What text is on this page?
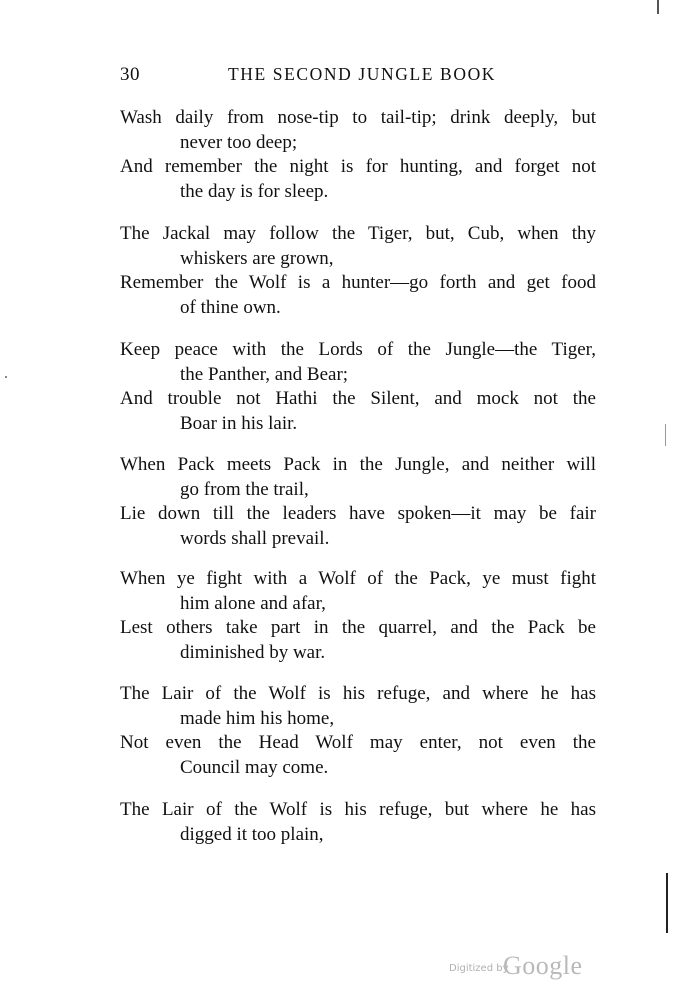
30	THE SECOND JUNGLE BOOK
Wash daily from nose-tip to tail-tip; drink deeply, but
never too deep;
And remember the night is for hunting, and forget not
the day is for sleep.
The Jackal may follow the Tiger, but, Cub, when thy
whiskers are grown,
Remember the Wolf is a hunter—go forth and get food
of thine own.
Keep peace with the Lords of the Jungle—the Tiger,
the Panther, and Bear;
And trouble not Hathi the Silent, and mock not the
Boar in his lair.
When Pack meets Pack in the Jungle, and neither will
go from the trail,
Lie down till the leaders have spoken—it may be fair
words shall prevail.
When ye fight with a Wolf of the Pack, ye must fight
him alone and afar,
Lest others take part in the quarrel, and the Pack be
diminished by war.
The Lair of the Wolf is his refuge, and where he has
made him his home,
Not even the Head Wolf may enter, not even the
Council may come.
The Lair of the Wolf is his refuge, but where he has
digged it too plain,
Digitized by
Google
